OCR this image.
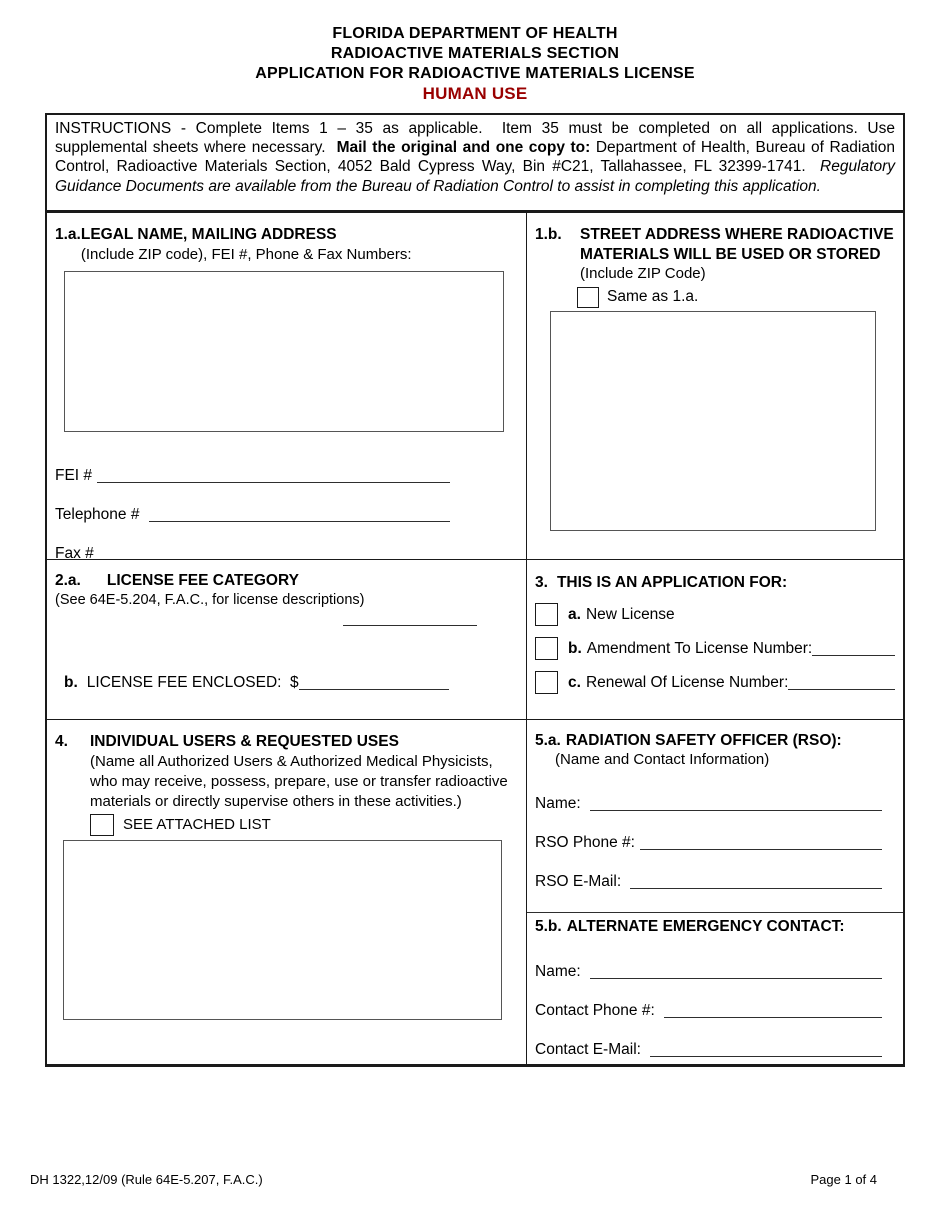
FLORIDA DEPARTMENT OF HEALTH
RADIOACTIVE MATERIALS SECTION
APPLICATION FOR RADIOACTIVE MATERIALS LICENSE
HUMAN USE
INSTRUCTIONS - Complete Items 1 – 35 as applicable.  Item 35 must be completed on all applications. Use supplemental sheets where necessary.  Mail the original and one copy to: Department of Health, Bureau of Radiation Control, Radioactive Materials Section, 4052 Bald Cypress Way, Bin #C21, Tallahassee, FL 32399-1741.  Regulatory Guidance Documents are available from the Bureau of Radiation Control to assist in completing this application.
1.a. LEGAL NAME, MAILING ADDRESS
(Include ZIP code), FEI #, Phone & Fax Numbers:
FEI #
Telephone #
Fax #
1.b.	STREET ADDRESS WHERE RADIOACTIVE MATERIALS WILL BE USED OR STORED (Include ZIP Code)
Same as 1.a.
2.a. LICENSE FEE CATEGORY
(See 64E-5.204, F.A.C., for license descriptions)
b. LICENSE FEE ENCLOSED:  $
3. THIS IS AN APPLICATION FOR:
a. New License
b. Amendment To License Number:
c. Renewal Of License Number:
4.	INDIVIDUAL USERS & REQUESTED USES
(Name all Authorized Users & Authorized Medical Physicists, who may receive, possess, prepare, use or transfer radioactive materials or directly supervise others in these activities.)
SEE ATTACHED LIST
5.a. RADIATION SAFETY OFFICER (RSO):
(Name and Contact Information)
Name:
RSO Phone #:
RSO E-Mail:
5.b. ALTERNATE EMERGENCY CONTACT:
Name:
Contact Phone #:
Contact E-Mail:
DH 1322,12/09 (Rule 64E-5.207, F.A.C.)	Page 1 of 4
